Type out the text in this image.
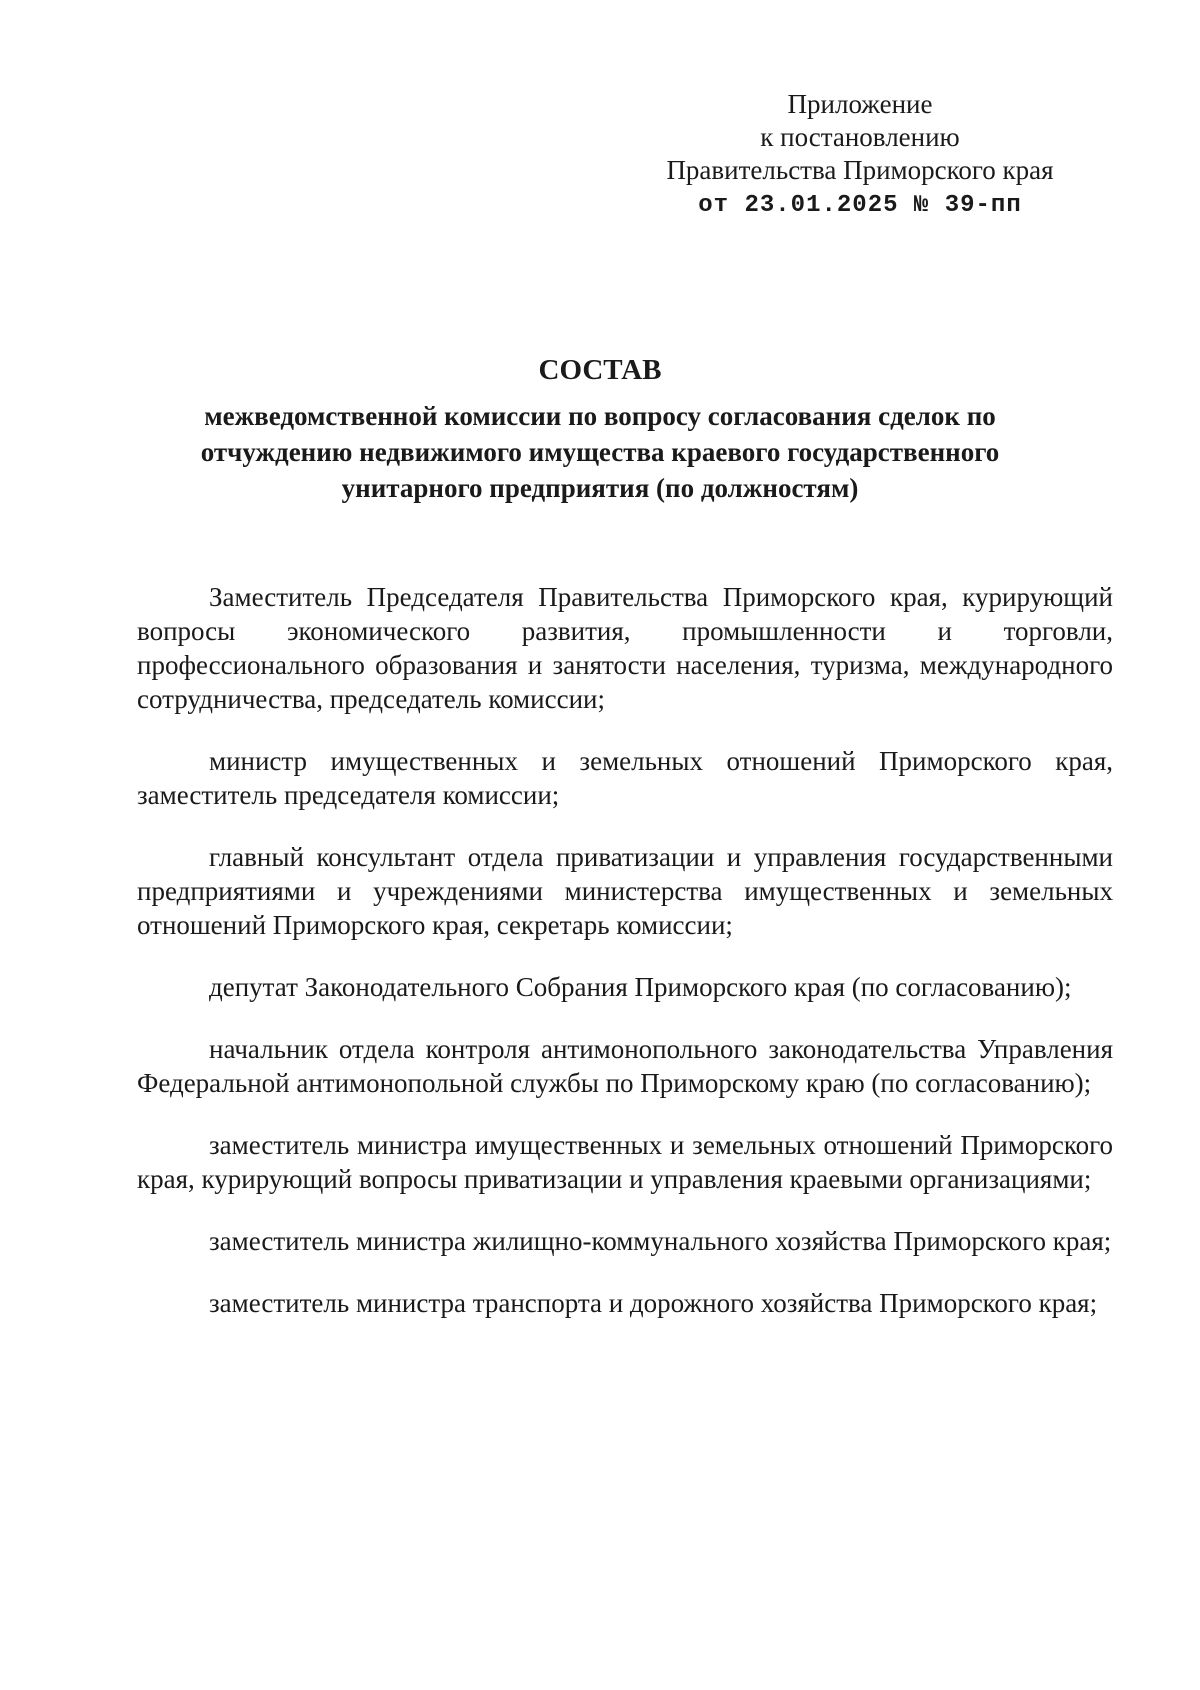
Приложение
к постановлению
Правительства Приморского края
от 23.01.2025 № 39-пп
СОСТАВ
межведомственной комиссии по вопросу согласования сделок по отчуждению недвижимого имущества краевого государственного унитарного предприятия (по должностям)

Заместитель Председателя Правительства Приморского края, курирующий вопросы экономического развития, промышленности и торговли, профессионального образования и занятости населения, туризма, международного сотрудничества, председатель комиссии;

министр имущественных и земельных отношений Приморского края, заместитель председателя комиссии;

главный консультант отдела приватизации и управления государственными предприятиями и учреждениями министерства имущественных и земельных отношений Приморского края, секретарь комиссии;

депутат Законодательного Собрания Приморского края (по согласованию);

начальник отдела контроля антимонопольного законодательства Управления Федеральной антимонопольной службы по Приморскому краю (по согласованию);

заместитель министра имущественных и земельных отношений Приморского края, курирующий вопросы приватизации и управления краевыми организациями;

заместитель министра жилищно-коммунального хозяйства Приморского края;

заместитель министра транспорта и дорожного хозяйства Приморского края;
